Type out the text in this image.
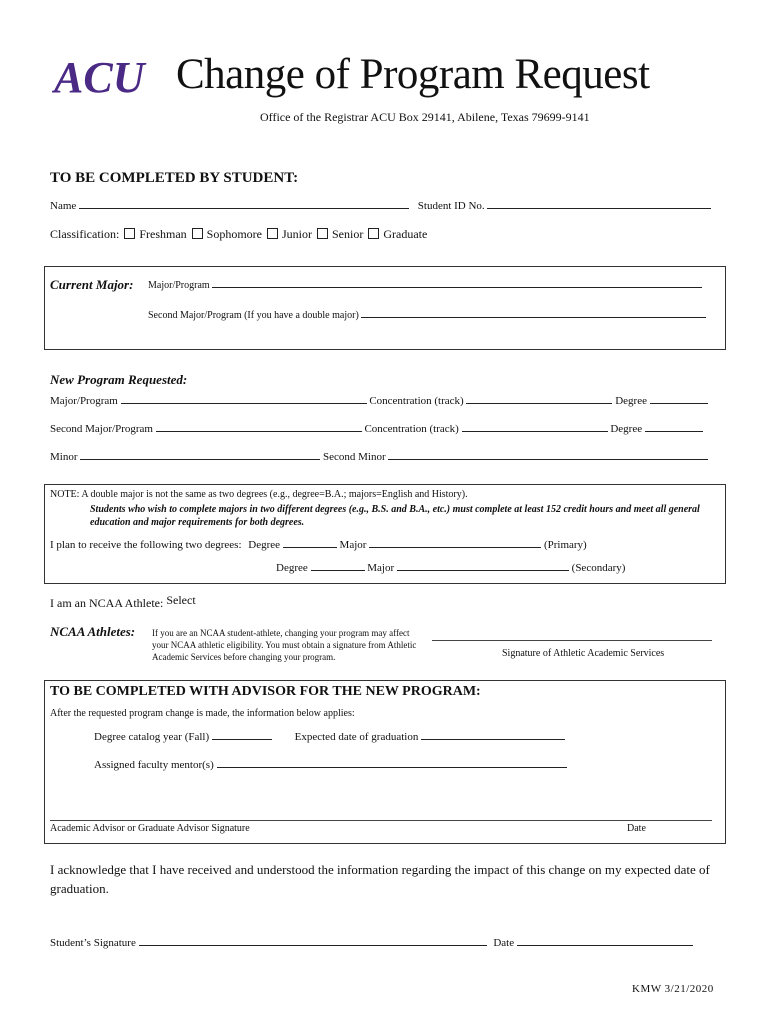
ACU Change of Program Request
Office of the Registrar ACU Box 29141, Abilene, Texas 79699-9141
TO BE COMPLETED BY STUDENT:
Name	Student ID No.
Classification: Freshman Sophomore Junior Senior Graduate
Current Major: Major/Program
Second Major/Program (If you have a double major)
New Program Requested:
Major/Program	Concentration (track)	Degree
Second Major/Program	Concentration (track)	Degree
Minor	Second Minor
NOTE: A double major is not the same as two degrees (e.g., degree=B.A.; majors=English and History).
Students who wish to complete majors in two different degrees (e.g., B.S. and B.A., etc.) must complete at least 152 credit hours and meet all general education and major requirements for both degrees.
I plan to receive the following two degrees: Degree	Major	(Primary)
Degree	Major	(Secondary)
I am an NCAA Athlete: Select
NCAA Athletes: If you are an NCAA student-athlete, changing your program may affect your NCAA athletic eligibility. You must obtain a signature from Athletic Academic Services before changing your program.	Signature of Athletic Academic Services
TO BE COMPLETED WITH ADVISOR FOR THE NEW PROGRAM:
After the requested program change is made, the information below applies:
Degree catalog year (Fall)	Expected date of graduation
Assigned faculty mentor(s)
Academic Advisor or Graduate Advisor Signature	Date
I acknowledge that I have received and understood the information regarding the impact of this change on my expected date of graduation.
Student’s Signature	Date
KMW 3/21/2020
